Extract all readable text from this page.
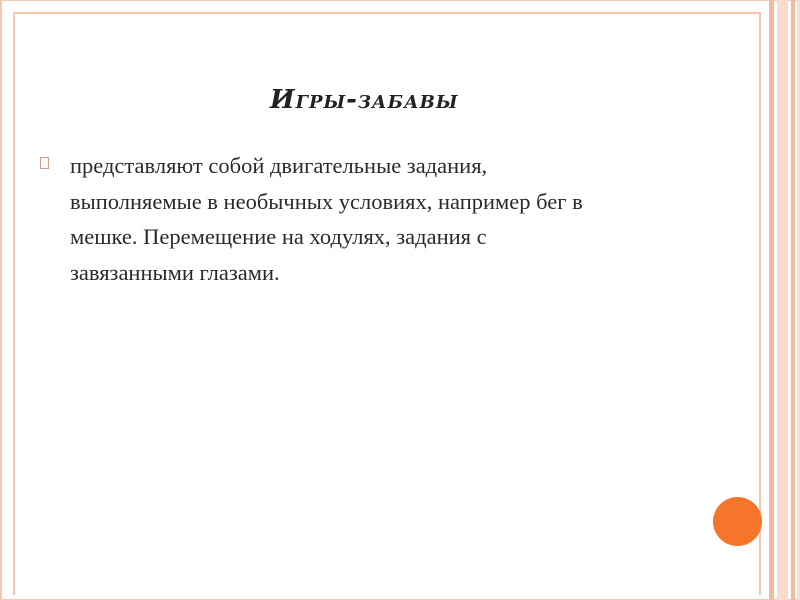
Игры-забавы
представляют собой двигательные задания, выполняемые в необычных условиях, например бег в мешке. Перемещение на ходулях, задания с завязанными глазами.
